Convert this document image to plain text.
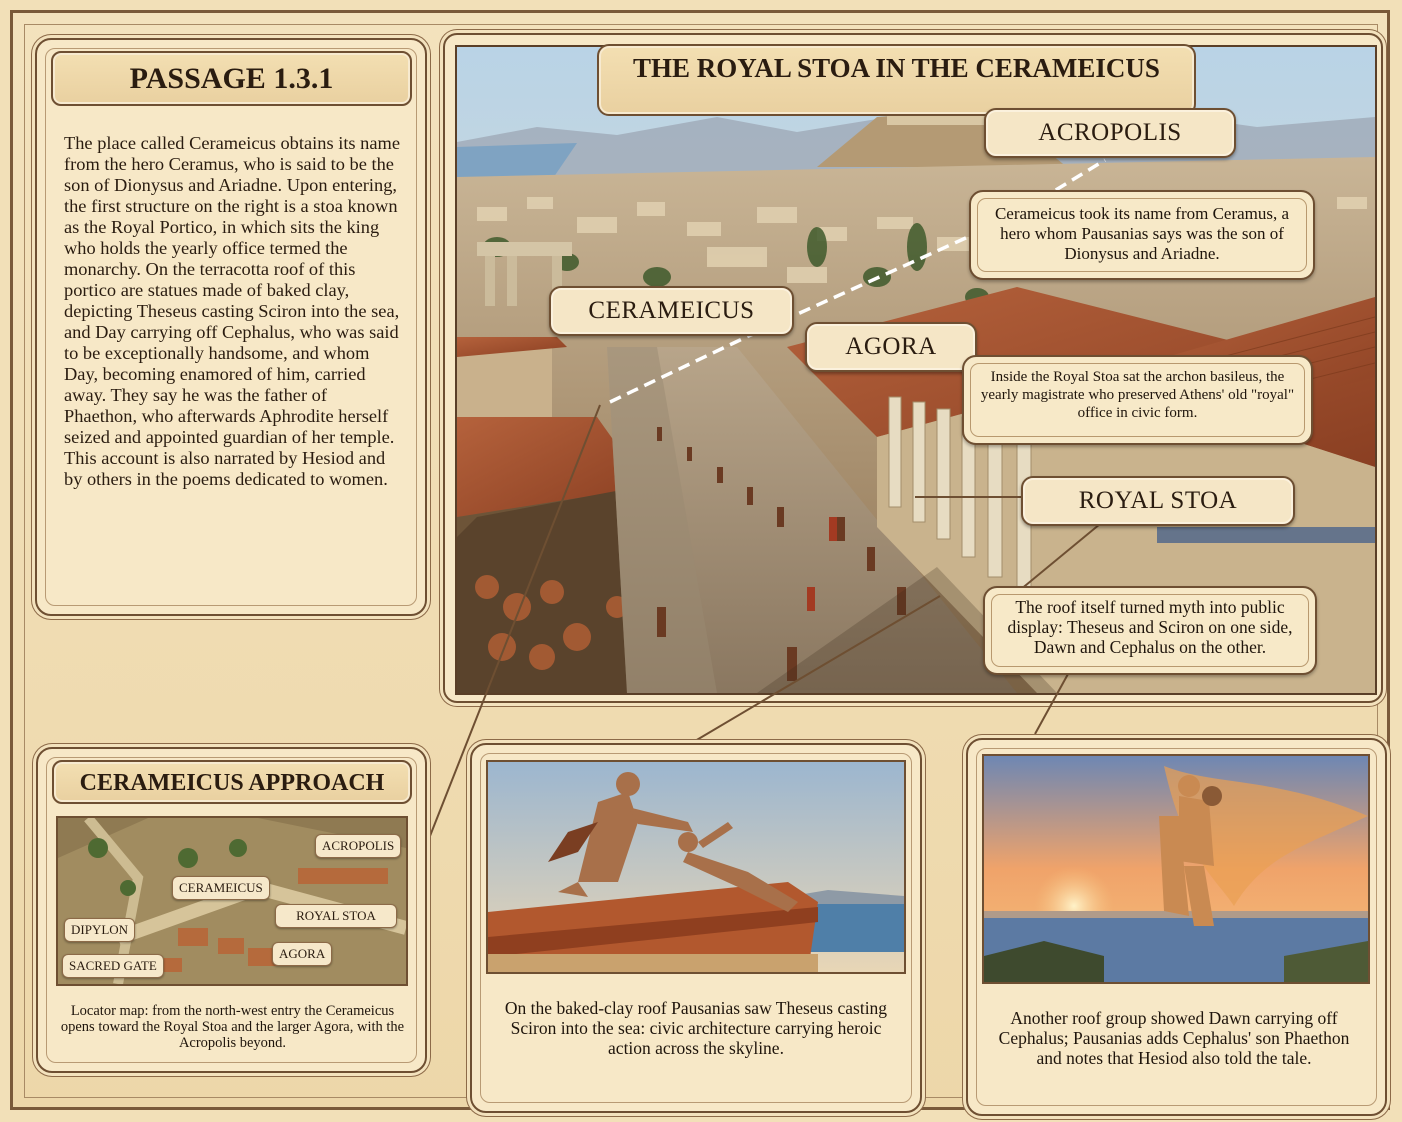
PASSAGE 1.3.1
The place called Cerameicus obtains its name from the hero Ceramus, who is said to be the son of Dionysus and Ariadne. Upon entering, the first structure on the right is a stoa known as the Royal Portico, in which sits the king who holds the yearly office termed the monarchy. On the terracotta roof of this portico are statues made of baked clay, depicting Theseus casting Sciron into the sea, and Day carrying off Cephalus, who was said to be exceptionally handsome, and whom Day, becoming enamored of him, carried away. They say he was the father of Phaethon, who afterwards Aphrodite herself seized and appointed guardian of her temple. This account is also narrated by Hesiod and by others in the poems dedicated to women.
THE ROYAL STOA IN THE CERAMEICUS
ACROPOLIS
CERAMEICUS
AGORA
ROYAL STOA
Cerameicus took its name from Ceramus, a hero whom Pausanias says was the son of Dionysus and Ariadne.
Inside the Royal Stoa sat the archon basileus, the yearly magistrate who preserved Athens' old "royal" office in civic form.
The roof itself turned myth into public display: Theseus and Sciron on one side, Dawn and Cephalus on the other.
CERAMEICUS APPROACH
ACROPOLIS
CERAMEICUS
ROYAL STOA
DIPYLON
AGORA
SACRED GATE
Locator map: from the north-west entry the Cerameicus opens toward the Royal Stoa and the larger Agora, with the Acropolis beyond.
On the baked-clay roof Pausanias saw Theseus casting Sciron into the sea: civic architecture carrying heroic action across the skyline.
Another roof group showed Dawn carrying off Cephalus; Pausanias adds Cephalus' son Phaethon and notes that Hesiod also told the tale.
